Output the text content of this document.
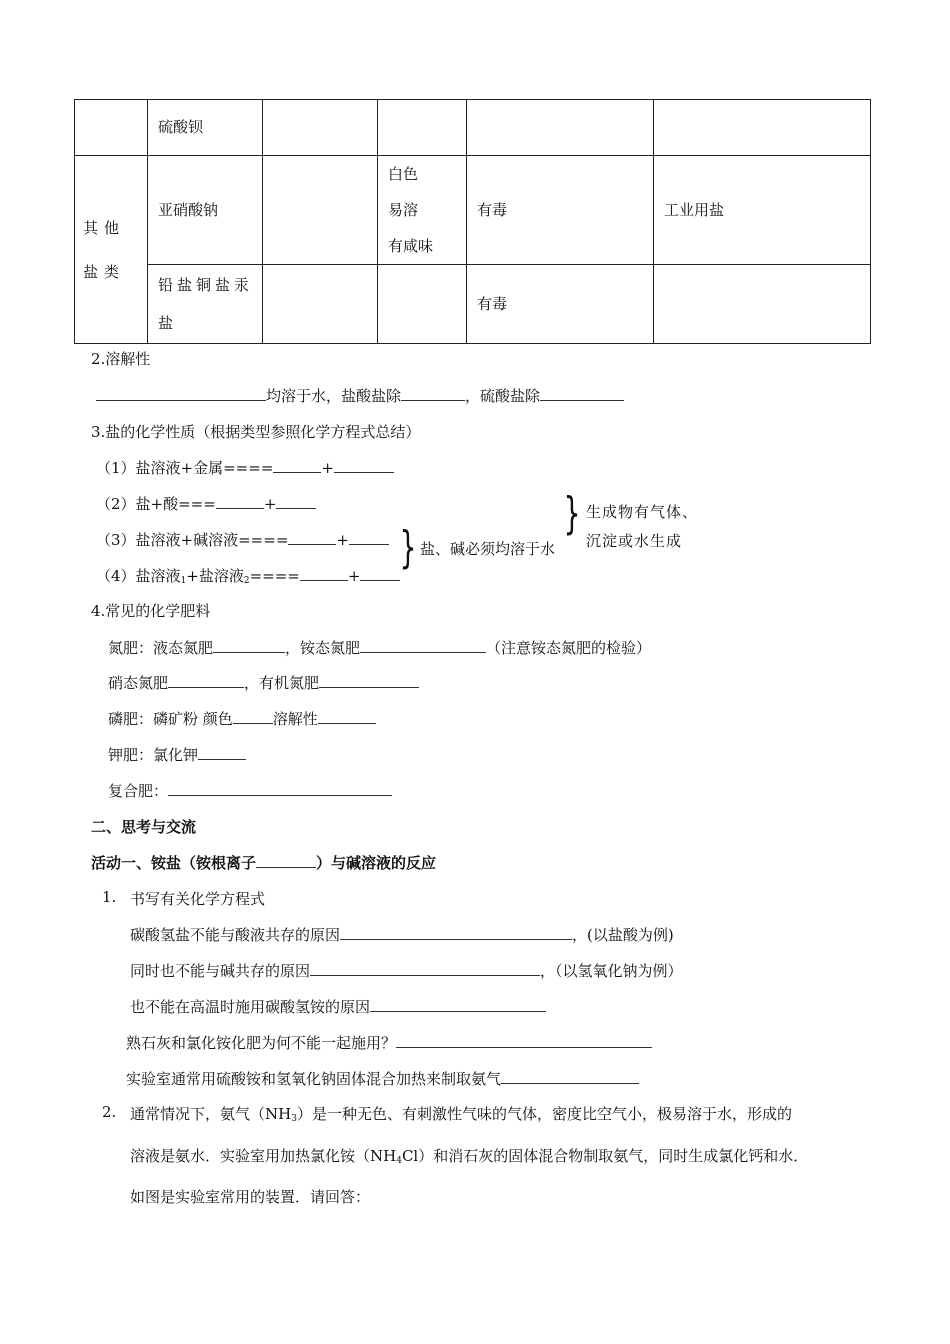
	硫酸钡				

其他盐类	亚硝酸钠		白色
易溶
有咸味	有毒	工业用盐

	铅盐铜盐汞盐			有毒	

2.溶解性
均溶于水，盐酸盐除	，硫酸盐除
3.盐的化学性质（根据类型参照化学方程式总结）
（1）盐溶液+金属====	+
（2）盐+酸===	+
（3）盐溶液+碱溶液====	+
（4）盐溶液$_1$+盐溶液$_2$====	+
} 盐、碱必须均溶于水
} 生成物有气体、
沉淀或水生成
4.常见的化学肥料
氮肥：液态氮肥	，铵态氮肥	（注意铵态氮肥的检验）
硝态氮肥	，有机氮肥
磷肥：磷矿粉 颜色	溶解性
钾肥：氯化钾
复合肥：
二、思考与交流
活动一、铵盐（铵根离子	）与碱溶液的反应
1. 书写有关化学方程式
碳酸氢盐不能与酸液共存的原因	，(以盐酸为例)
同时也不能与碱共存的原因	，（以氢氧化钠为例）
也不能在高温时施用碳酸氢铵的原因
熟石灰和氯化铵化肥为何不能一起施用？
实验室通常用硫酸铵和氢氧化钠固体混合加热来制取氨气
2. 通常情况下，氨气$(NH_3)$是一种无色、有刺激性气味的气体，密度比空气小，极易溶于水，形成的
溶液是氨水．实验室用加热氯化铵$(NH_4Cl)$和消石灰的固体混合物制取氨气，同时生成氯化钙和水．
如图是实验室常用的装置．请回答：
